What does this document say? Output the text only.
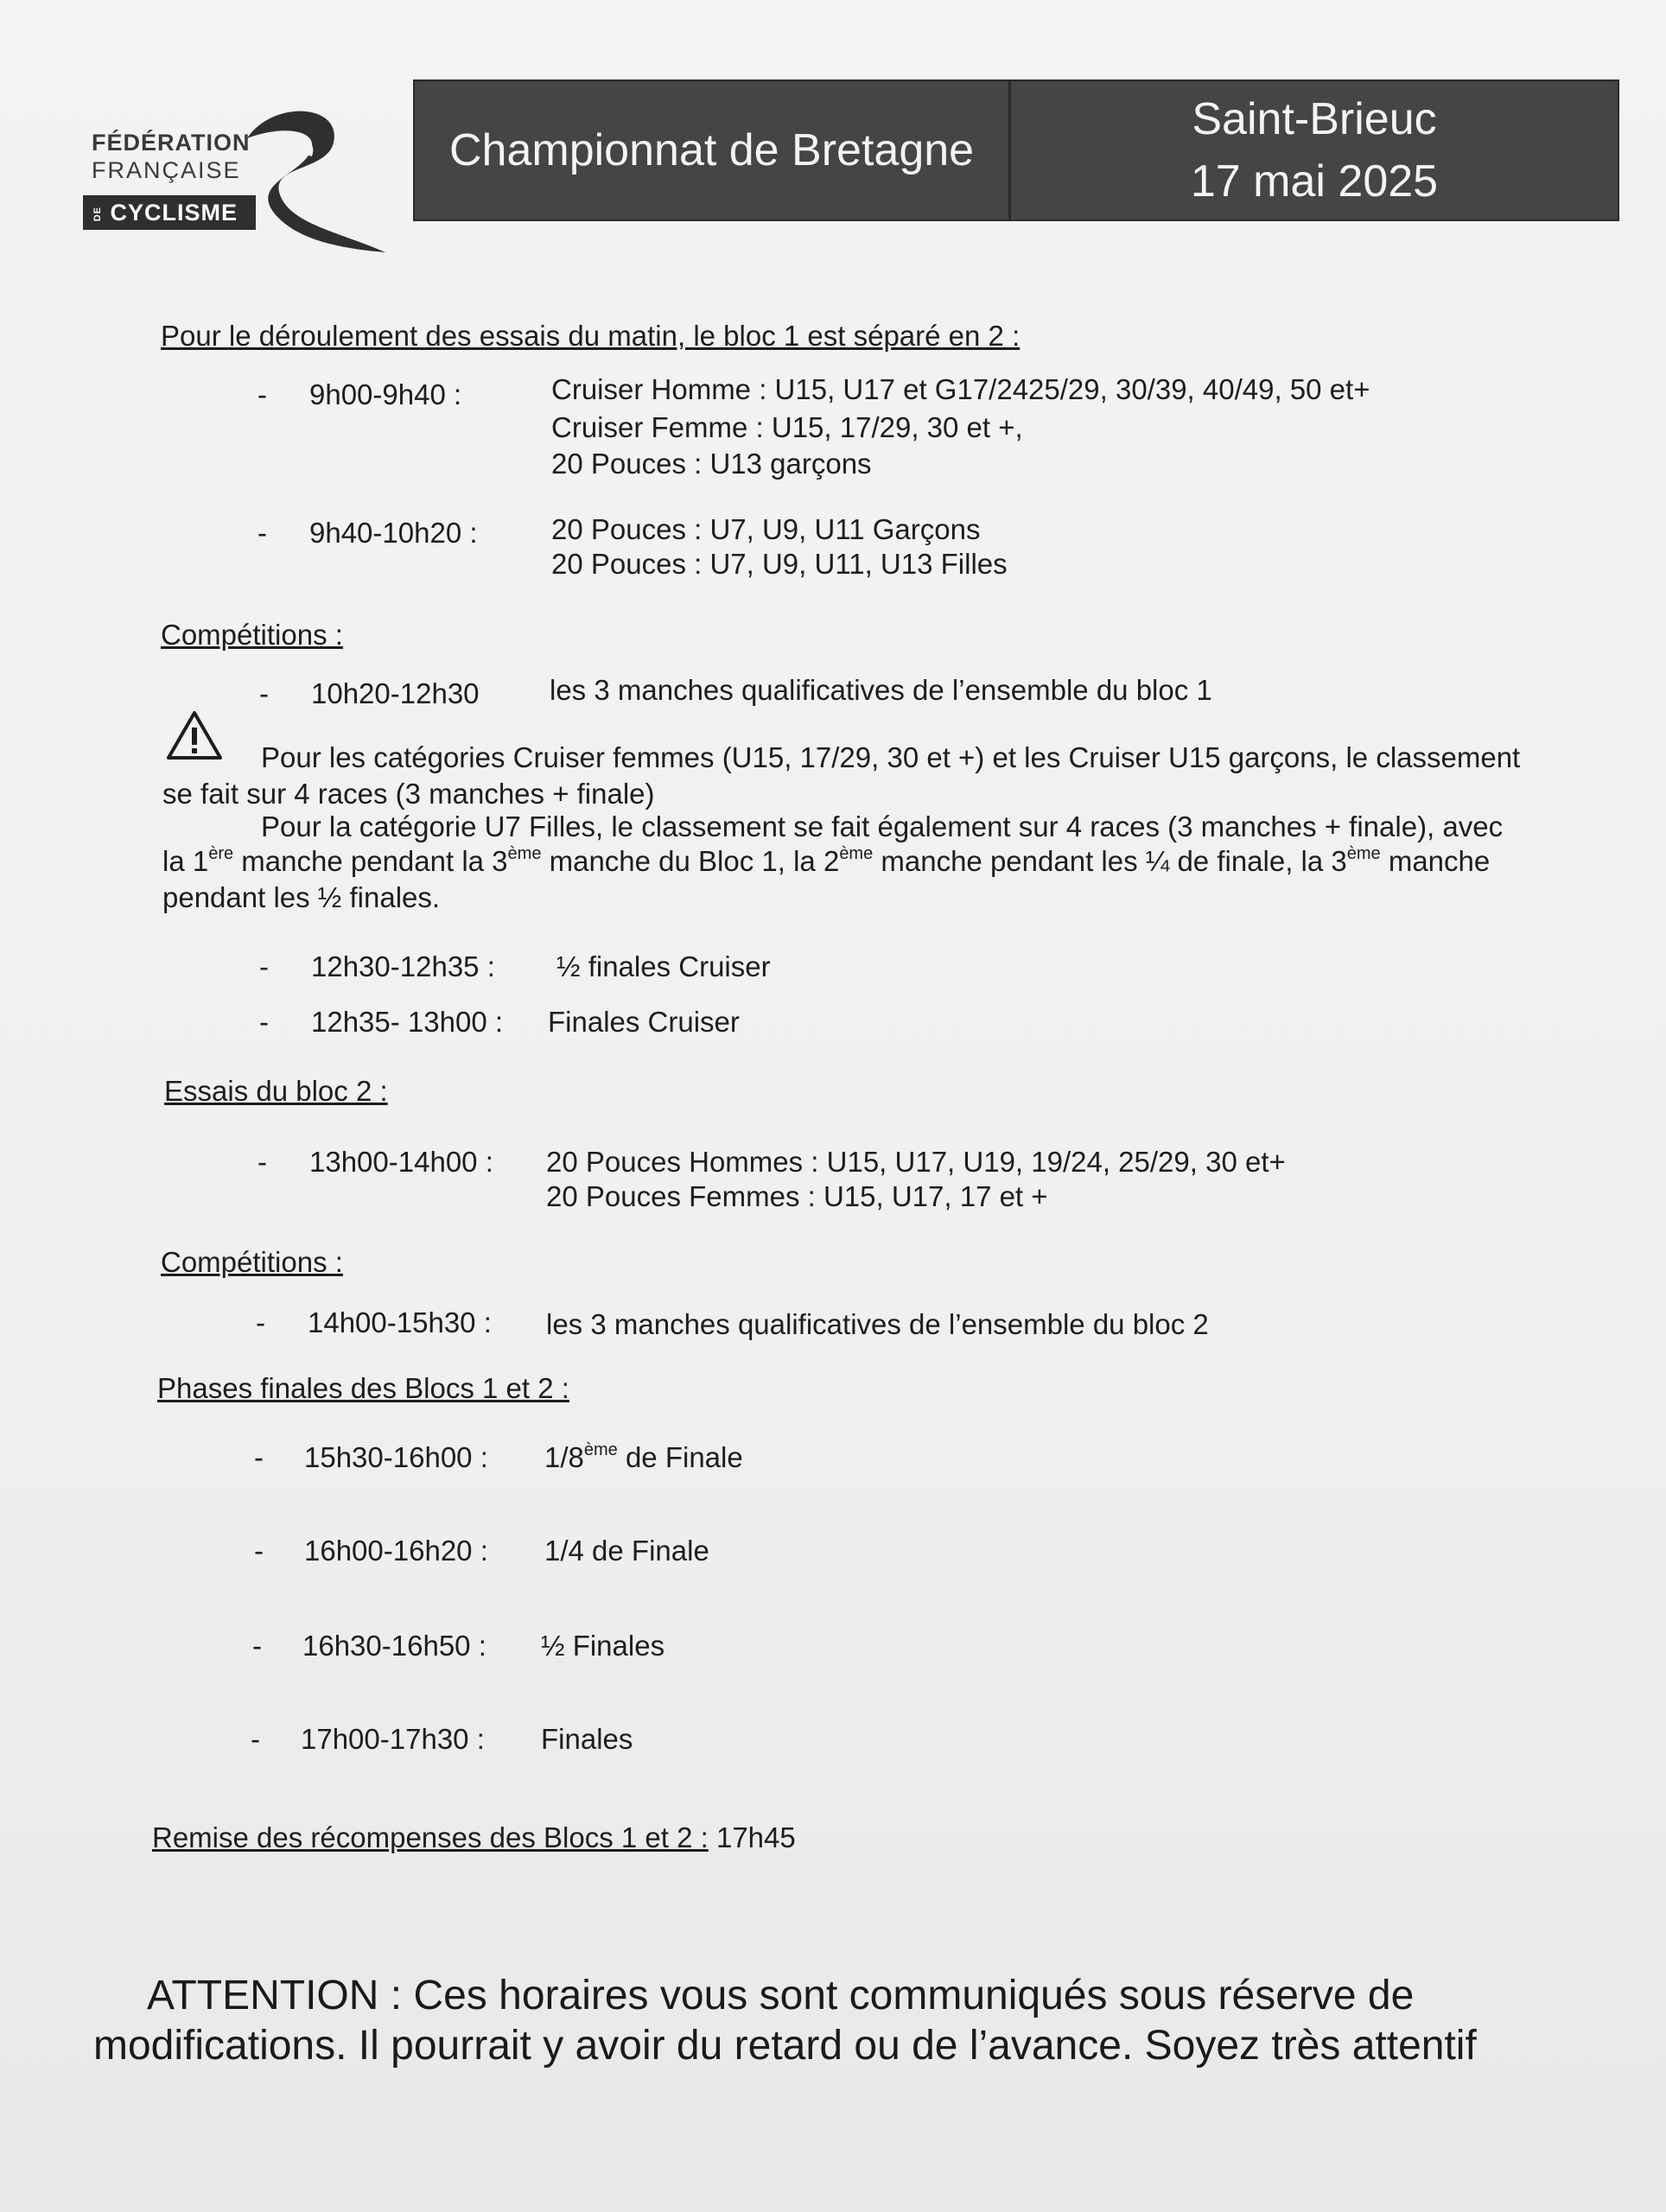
FÉDÉRATION
FRANÇAISE
DE CYCLISME
Championnat de Bretagne
Saint-Brieuc
17 mai 2025
Pour le déroulement des essais du matin, le bloc 1 est séparé en 2 :
- 9h00-9h40 :	Cruiser Homme : U15, U17 et G17/2425/29, 30/39, 40/49, 50 et+
Cruiser Femme : U15, 17/29, 30 et +,
20 Pouces : U13 garçons
- 9h40-10h20 :	20 Pouces : U7, U9, U11 Garçons
20 Pouces : U7, U9, U11, U13 Filles
Compétitions :
- 10h20-12h30 les 3 manches qualificatives de l’ensemble du bloc 1
Pour les catégories Cruiser femmes (U15, 17/29, 30 et +) et les Cruiser U15 garçons, le classement
se fait sur 4 races (3 manches + finale)
Pour la catégorie U7 Filles, le classement se fait également sur 4 races (3 manches + finale), avec
la 1ère manche pendant la 3ème manche du Bloc 1, la 2ème manche pendant les ¼ de finale, la 3ème manche
pendant les ½ finales.
- 12h30-12h35 : ½ finales Cruiser
- 12h35- 13h00 : Finales Cruiser
Essais du bloc 2 :
- 13h00-14h00 : 20 Pouces Hommes : U15, U17, U19, 19/24, 25/29, 30 et+
20 Pouces Femmes : U15, U17, 17 et +
Compétitions :
- 14h00-15h30 : les 3 manches qualificatives de l’ensemble du bloc 2
Phases finales des Blocs 1 et 2 :
- 15h30-16h00 : 1/8ème de Finale
- 16h00-16h20 : 1/4 de Finale
- 16h30-16h50 : ½ Finales
- 17h00-17h30 : Finales
Remise des récompenses des Blocs 1 et 2 : 17h45
ATTENTION : Ces horaires vous sont communiqués sous réserve de
modifications. Il pourrait y avoir du retard ou de l’avance. Soyez très attentif
